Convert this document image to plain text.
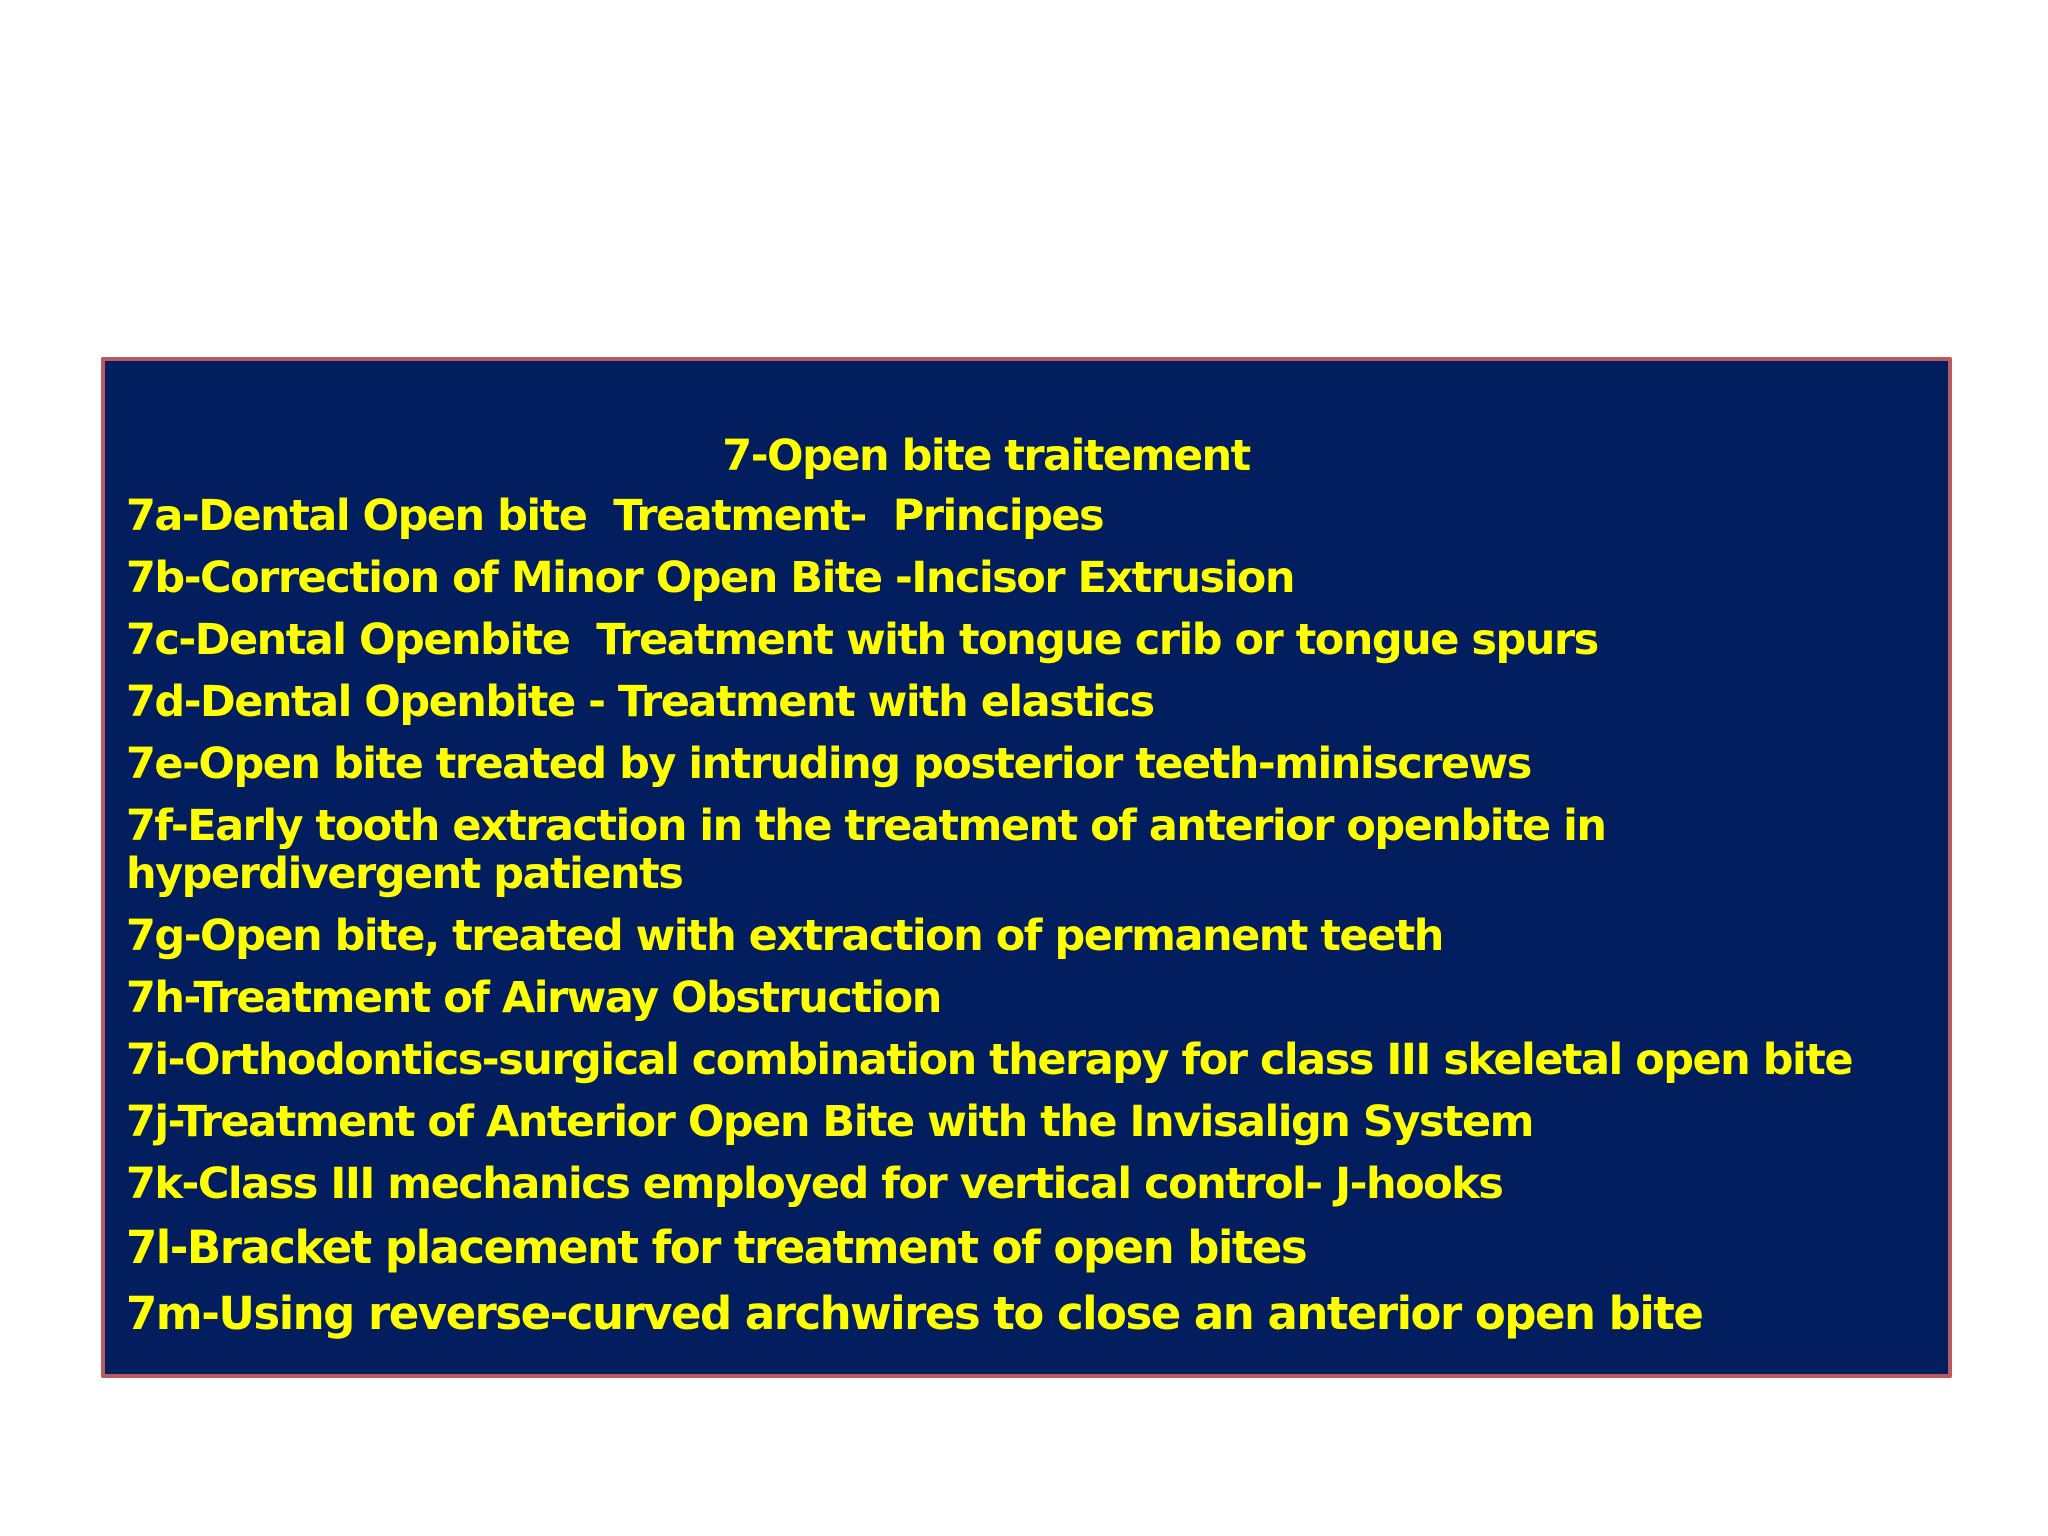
7-Open bite traitement
7a-Dental Open bite  Treatment-  Principes
7b-Correction of Minor Open Bite -Incisor Extrusion
7c-Dental Openbite  Treatment with tongue crib or tongue spurs
7d-Dental Openbite - Treatment with elastics
7e-Open bite treated by intruding posterior teeth-miniscrews
7f-Early tooth extraction in the treatment of anterior openbite in hyperdivergent patients
7g-Open bite, treated with extraction of permanent teeth
7h-Treatment of Airway Obstruction
7i-Orthodontics-surgical combination therapy for class III skeletal open bite
7j-Treatment of Anterior Open Bite with the Invisalign System
7k-Class III mechanics employed for vertical control- J-hooks
7l-Bracket placement for treatment of open bites
7m-Using reverse-curved archwires to close an anterior open bite
